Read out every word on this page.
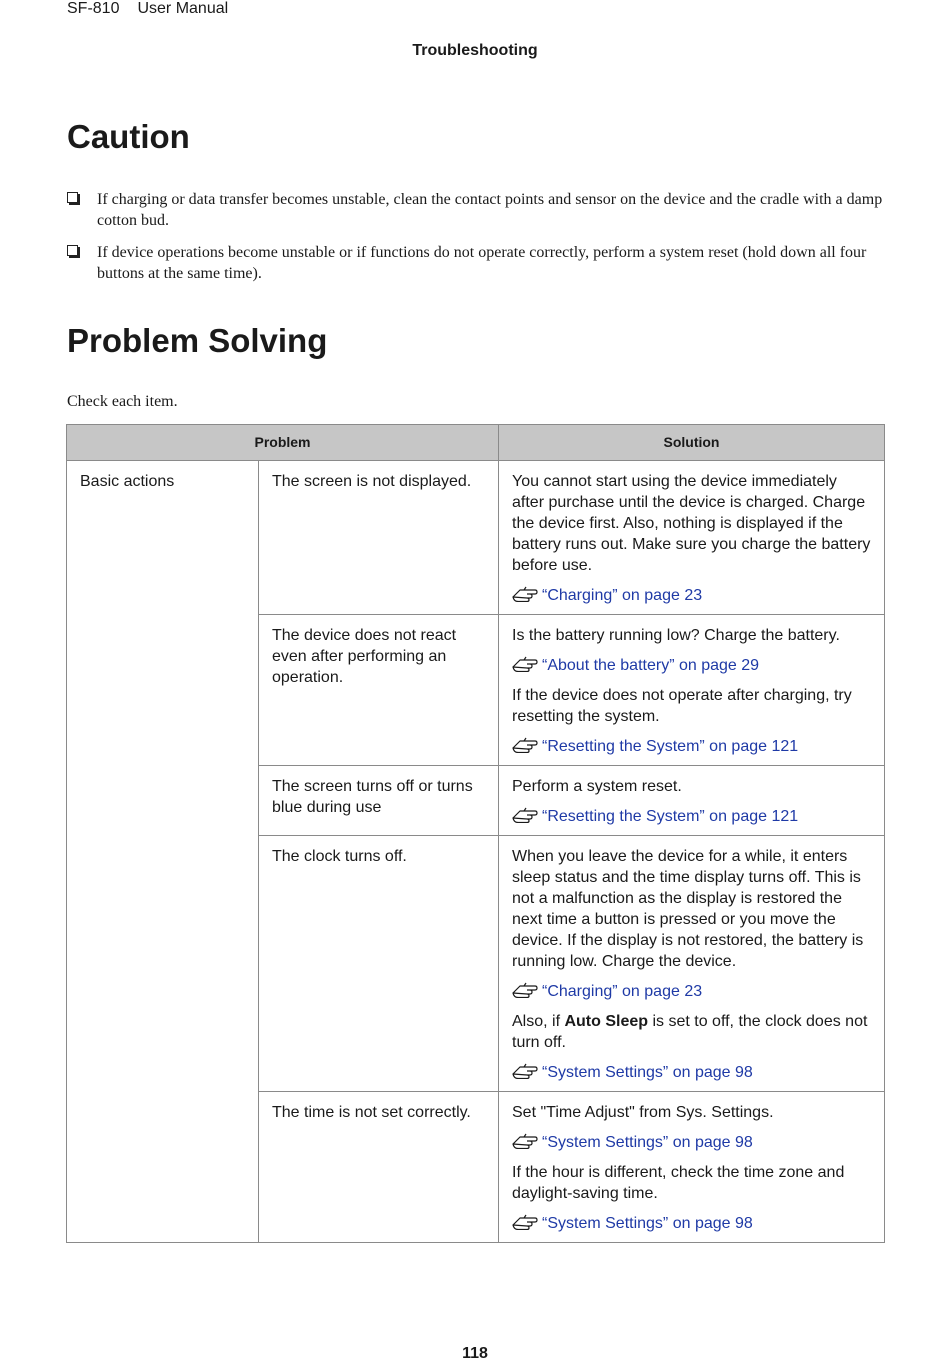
SF-810 User Manual
Troubleshooting
Caution
If charging or data transfer becomes unstable, clean the contact points and sensor on the device and the cradle with a damp cotton bud.
If device operations become unstable or if functions do not operate correctly, perform a system reset (hold down all four buttons at the same time).
Problem Solving
Check each item.
Problem		Solution
Basic actions	The screen is not displayed.	You cannot start using the device immediately after purchase until the device is charged. Charge the device first. Also, nothing is displayed if the battery runs out. Make sure you charge the battery before use.

“Charging” on page 23

	The device does not react even after performing an operation.	Is the battery running low? Charge the battery.

“About the battery” on page 29

If the device does not operate after charging, try resetting the system.

“Resetting the System” on page 121

	The screen turns off or turns blue during use	Perform a system reset.

“Resetting the System” on page 121

	The clock turns off.	When you leave the device for a while, it enters sleep status and the time display turns off. This is not a malfunction as the display is restored the next time a button is pressed or you move the device. If the display is not restored, the battery is running low. Charge the device.

“Charging” on page 23

Also, if Auto Sleep is set to off, the clock does not turn off.

“System Settings” on page 98

	The time is not set correctly.	Set "Time Adjust" from Sys. Settings.

“System Settings” on page 98

If the hour is different, check the time zone and daylight-saving time.

“System Settings” on page 98
118
